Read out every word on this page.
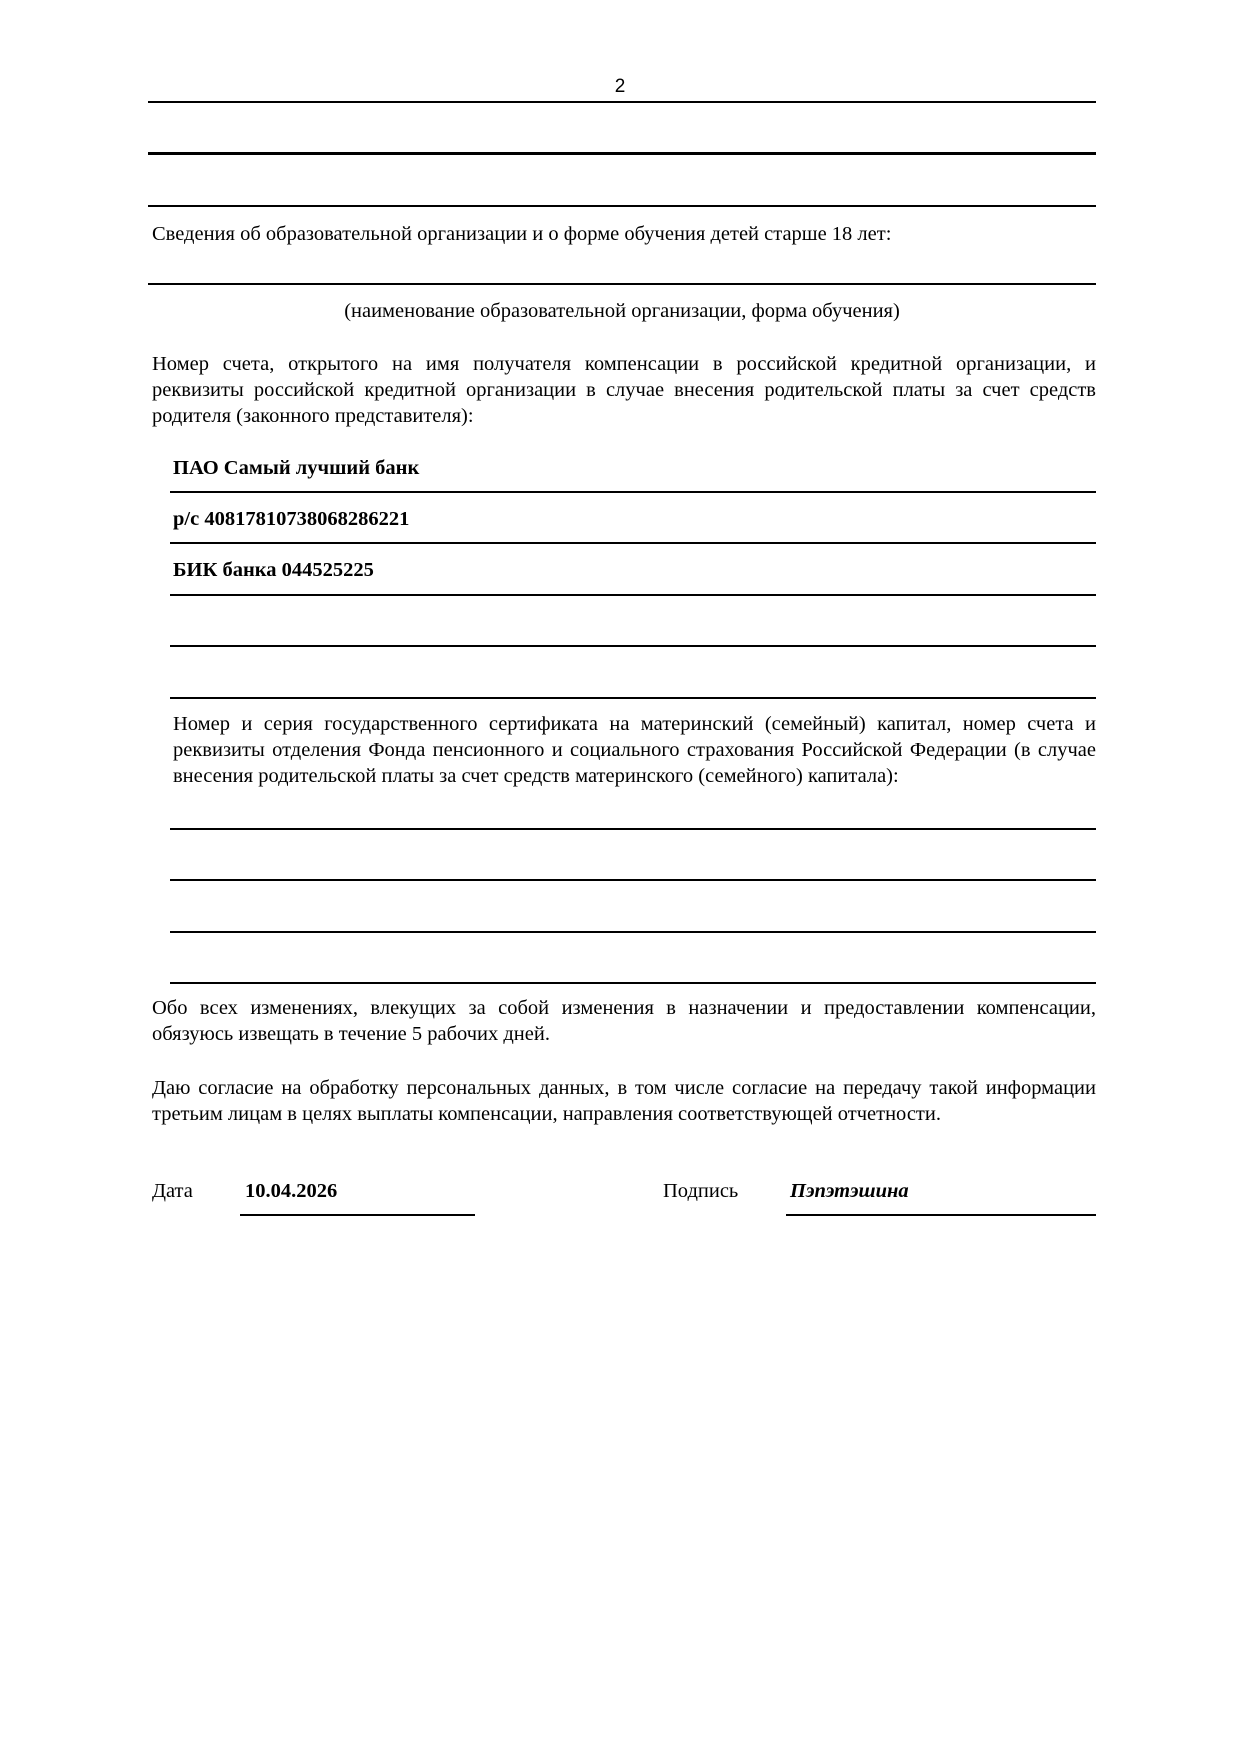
2
Сведения об образовательной организации и о форме обучения детей старше 18 лет:
(наименование образовательной организации, форма обучения)
Номер счета, открытого на имя получателя компенсации в российской кредитной организации, и реквизиты российской кредитной организации в случае внесения родительской платы за счет средств родителя (законного представителя):
ПАО Самый лучший банк
р/с 40817810738068286221
БИК банка 044525225
Номер и серия государственного сертификата на материнский (семейный) капитал, номер счета и реквизиты отделения Фонда пенсионного и социального страхования Российской Федерации (в случае внесения родительской платы за счет средств материнского (семейного) капитала):
Обо всех изменениях, влекущих за собой изменения в назначении и предоставлении компенсации, обязуюсь извещать в течение 5 рабочих дней.
Даю согласие на обработку персональных данных, в том числе согласие на передачу такой информации третьим лицам в целях выплаты компенсации, направления соответствующей отчетности.
Дата	10.04.2026	Подпись	Пэпэтэшина
